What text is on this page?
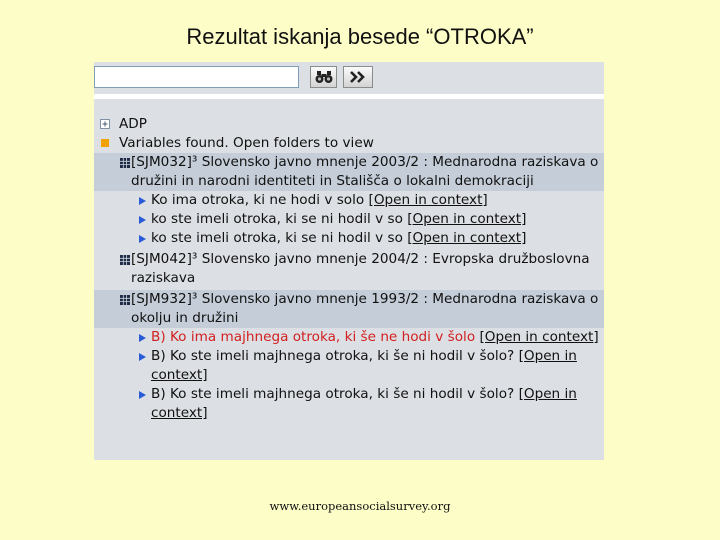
Rezultat iskanja besede “OTROKA”
ADP
Variables found. Open folders to view
[SJM032]³ Slovensko javno mnenje 2003/2 : Mednarodna raziskava o družini in narodni identiteti in Stališča o lokalni demokraciji
Ko ima otroka, ki ne hodi v solo [Open in context]
ko ste imeli otroka, ki se ni hodil v so [Open in context]
ko ste imeli otroka, ki se ni hodil v so [Open in context]
[SJM042]³ Slovensko javno mnenje 2004/2 : Evropska družboslovna raziskava
[SJM932]³ Slovensko javno mnenje 1993/2 : Mednarodna raziskava o okolju in družini
B) Ko ima majhnega otroka, ki še ne hodi v šolo [Open in context]
B) Ko ste imeli majhnega otroka, ki še ni hodil v šolo? [Open in context]
B) Ko ste imeli majhnega otroka, ki še ni hodil v šolo? [Open in context]
www.europeansocialsurvey.org
